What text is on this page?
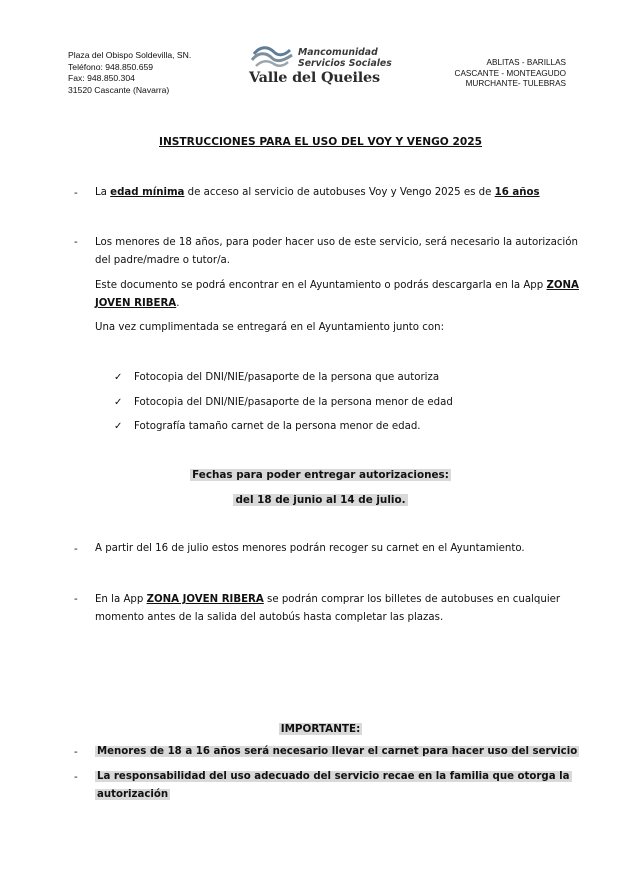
Plaza del Obispo Soldevilla, SN.
Teléfono: 948.850.659
Fax: 948.850.304
31520 Cascante (Navarra)
Mancomunidad
Servicios Sociales
Valle del Queiles
ABLITAS - BARILLAS
CASCANTE - MONTEAGUDO
MURCHANTE- TULEBRAS
INSTRUCCIONES PARA EL USO DEL VOY Y VENGO 2025
- La edad mínima de acceso al servicio de autobuses Voy y Vengo 2025 es de 16 años
- Los menores de 18 años, para poder hacer uso de este servicio, será necesario la autorización
del padre/madre o tutor/a.
Este documento se podrá encontrar en el Ayuntamiento o podrás descargarla en la App ZONA
JOVEN RIBERA.
Una vez cumplimentada se entregará en el Ayuntamiento junto con:
✓ Fotocopia del DNI/NIE/pasaporte de la persona que autoriza
✓ Fotocopia del DNI/NIE/pasaporte de la persona menor de edad
✓ Fotografía tamaño carnet de la persona menor de edad.
Fechas para poder entregar autorizaciones:
del 18 de junio al 14 de julio.
- A partir del 16 de julio estos menores podrán recoger su carnet en el Ayuntamiento.
- En la App ZONA JOVEN RIBERA se podrán comprar los billetes de autobuses en cualquier
momento antes de la salida del autobús hasta completar las plazas.
IMPORTANTE:
- Menores de 18 a 16 años será necesario llevar el carnet para hacer uso del servicio
- La responsabilidad del uso adecuado del servicio recae en la familia que otorga la
autorización
